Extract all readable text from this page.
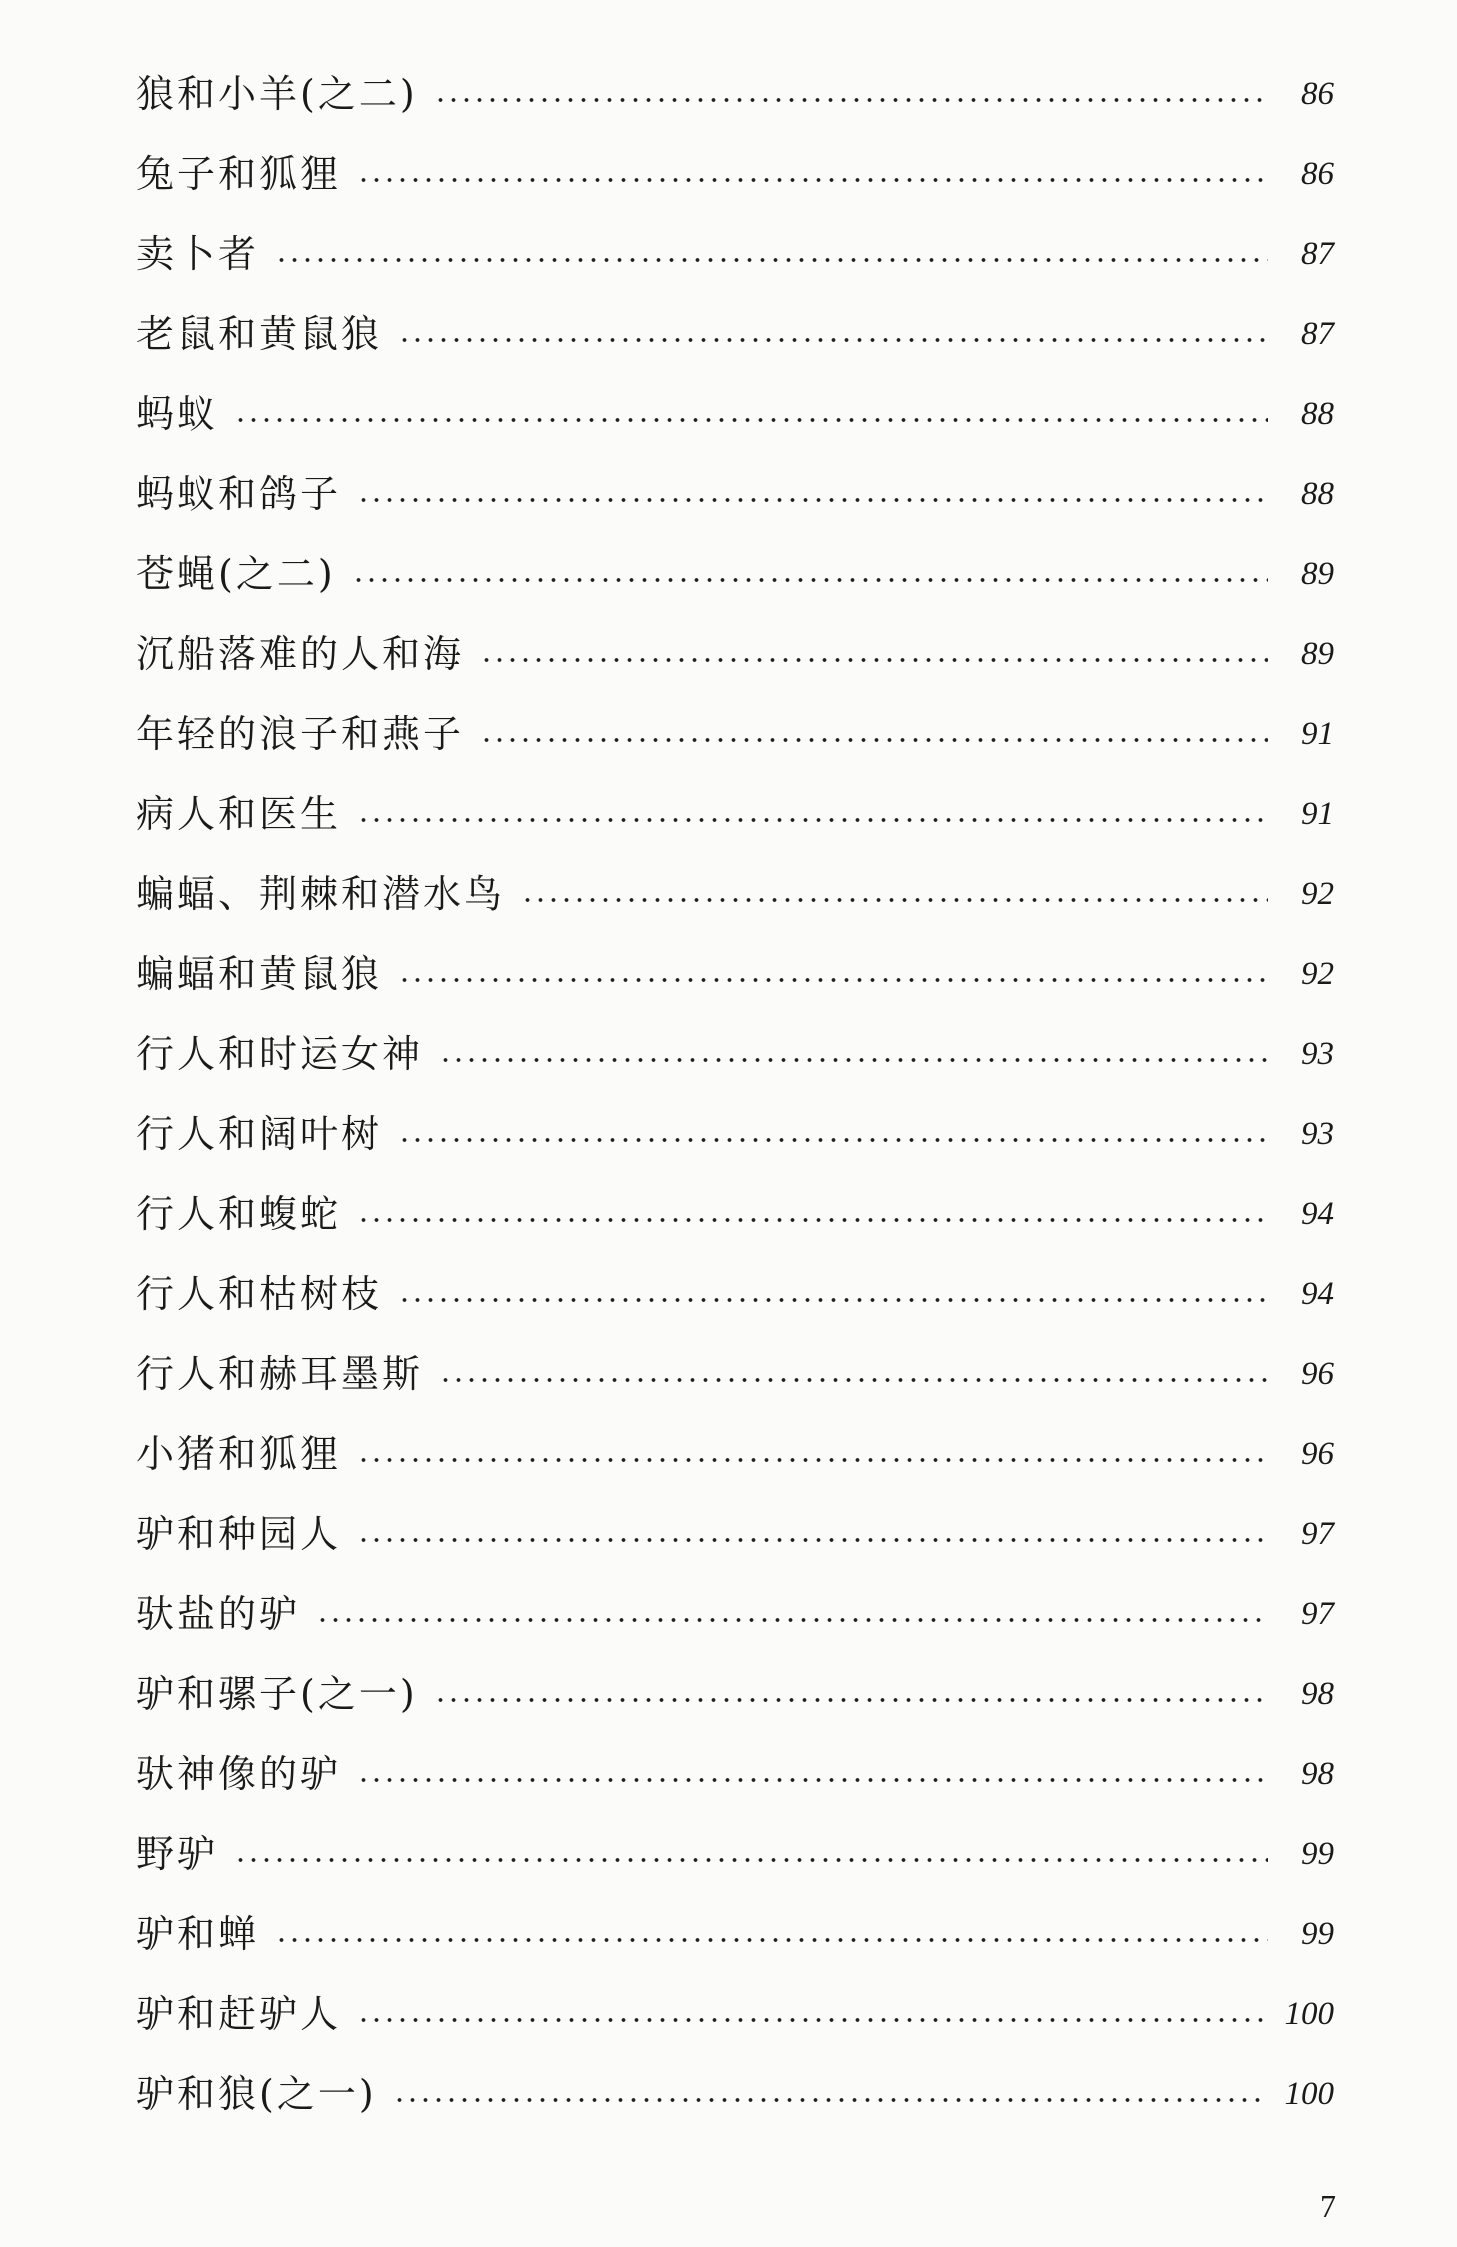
狼和小羊(之二)	86
兔子和狐狸	86
卖卜者	87
老鼠和黄鼠狼	87
蚂蚁	88
蚂蚁和鸽子	88
苍蝇(之二)	89
沉船落难的人和海	89
年轻的浪子和燕子	91
病人和医生	91
蝙蝠、荆棘和潜水鸟	92
蝙蝠和黄鼠狼	92
行人和时运女神	93
行人和阔叶树	93
行人和蝮蛇	94
行人和枯树枝	94
行人和赫耳墨斯	96
小猪和狐狸	96
驴和种园人	97
驮盐的驴	97
驴和骡子(之一)	98
驮神像的驴	98
野驴	99
驴和蝉	99
驴和赶驴人	100
驴和狼(之一)	100
7
